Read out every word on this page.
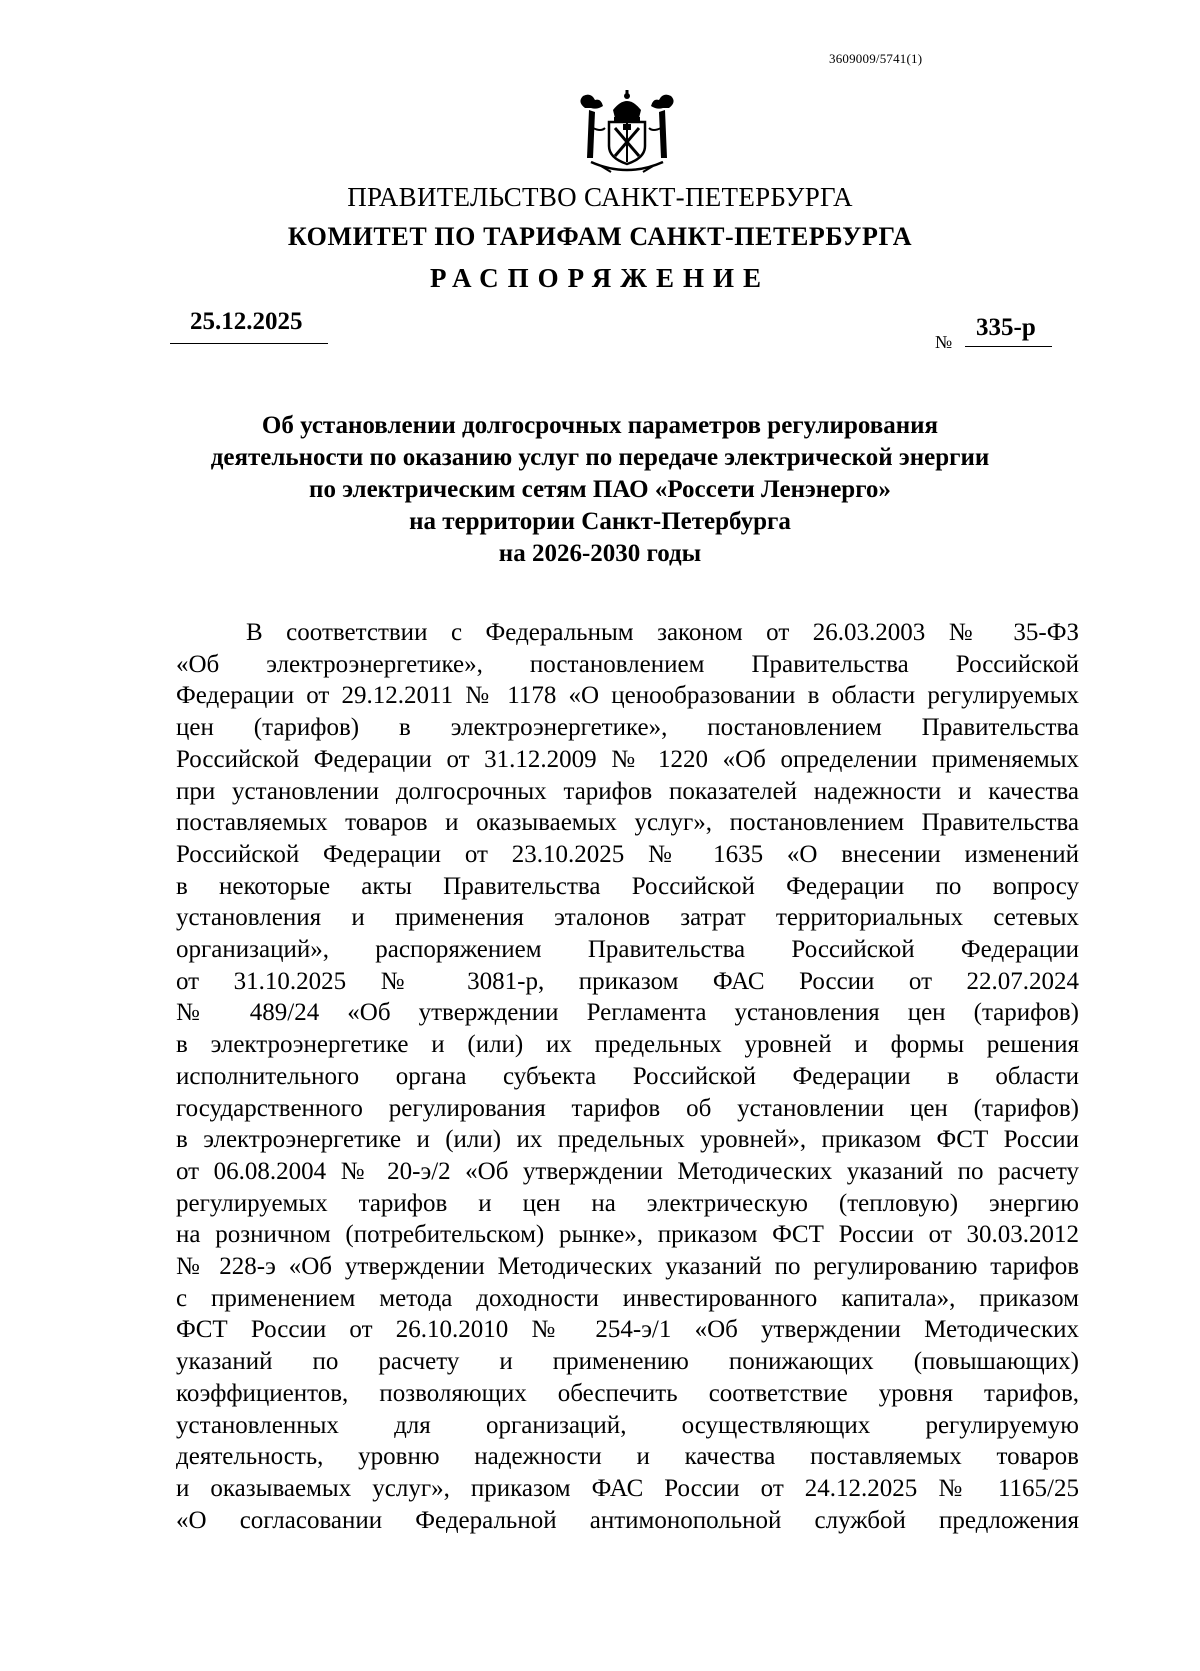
3609009/5741(1)
ПРАВИТЕЛЬСТВО САНКТ-ПЕТЕРБУРГА
КОМИТЕТ ПО ТАРИФАМ САНКТ-ПЕТЕРБУРГА
РАСПОРЯЖЕНИЕ
25.12.2025
№
335-р
Об установлении долгосрочных параметров регулирования
деятельности по оказанию услуг по передаче электрической энергии
по электрическим сетям ПАО «Россети Ленэнерго»
на территории Санкт-Петербурга
на 2026-2030 годы
В соответствии с Федеральным законом от 26.03.2003 № 35-ФЗ
«Об электроэнергетике», постановлением Правительства Российской
Федерации от 29.12.2011 № 1178 «О ценообразовании в области регулируемых
цен (тарифов) в электроэнергетике», постановлением Правительства
Российской Федерации от 31.12.2009 № 1220 «Об определении применяемых
при установлении долгосрочных тарифов показателей надежности и качества
поставляемых товаров и оказываемых услуг», постановлением Правительства
Российской Федерации от 23.10.2025 № 1635 «О внесении изменений
в некоторые акты Правительства Российской Федерации по вопросу
установления и применения эталонов затрат территориальных сетевых
организаций», распоряжением Правительства Российской Федерации
от 31.10.2025 № 3081-р, приказом ФАС России от 22.07.2024
№ 489/24 «Об утверждении Регламента установления цен (тарифов)
в электроэнергетике и (или) их предельных уровней и формы решения
исполнительного органа субъекта Российской Федерации в области
государственного регулирования тарифов об установлении цен (тарифов)
в электроэнергетике и (или) их предельных уровней», приказом ФСТ России
от 06.08.2004 № 20-э/2 «Об утверждении Методических указаний по расчету
регулируемых тарифов и цен на электрическую (тепловую) энергию
на розничном (потребительском) рынке», приказом ФСТ России от 30.03.2012
№ 228-э «Об утверждении Методических указаний по регулированию тарифов
с применением метода доходности инвестированного капитала», приказом
ФСТ России от 26.10.2010 № 254-э/1 «Об утверждении Методических
указаний по расчету и применению понижающих (повышающих)
коэффициентов, позволяющих обеспечить соответствие уровня тарифов,
установленных для организаций, осуществляющих регулируемую
деятельность, уровню надежности и качества поставляемых товаров
и оказываемых услуг», приказом ФАС России от 24.12.2025 № 1165/25
«О согласовании Федеральной антимонопольной службой предложения
